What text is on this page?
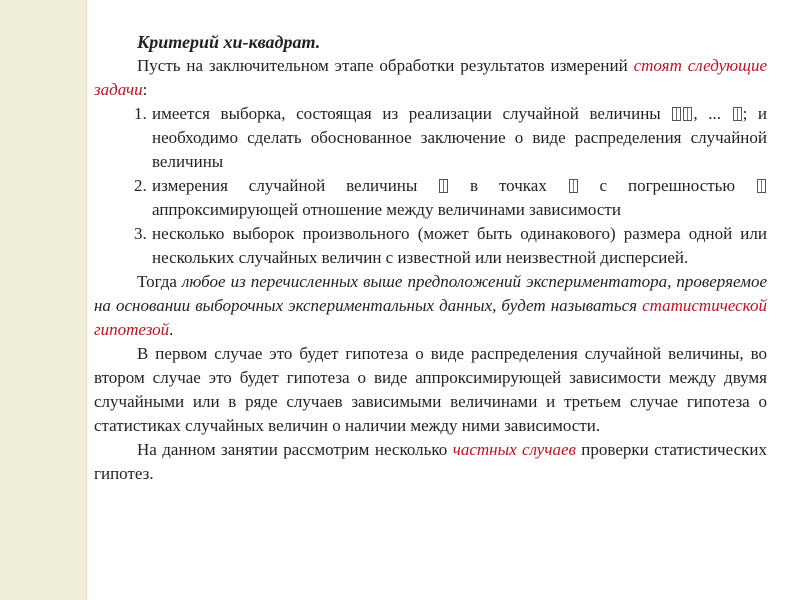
Критерий хи-квадрат.

Пусть на заключительном этапе обработки результатов измерений стоят следующие задачи:

1. имеется выборка, состоящая из реализации случайной величины , ... ; и необходимо сделать обоснованное заключение о виде распределения случайной величины
2. измерения случайной величины  в точках  с погрешностью  аппроксимирующей отношение между величинами зависимости
3. несколько выборок произвольного (может быть одинакового) размера одной или нескольких случайных величин с известной или неизвестной дисперсией.

Тогда любое из перечисленных выше предположений экспериментатора, проверяемое на основании выборочных экспериментальных данных, будет называться статистической гипотезой.

В первом случае это будет гипотеза о виде распределения случайной величины, во втором случае это будет гипотеза о виде аппроксимирующей зависимости между двумя случайными или в ряде случаев зависимыми величинами и третьем случае гипотеза о статистиках случайных величин о наличии между ними зависимости.

На данном занятии рассмотрим несколько частных случаев проверки статистических гипотез.
